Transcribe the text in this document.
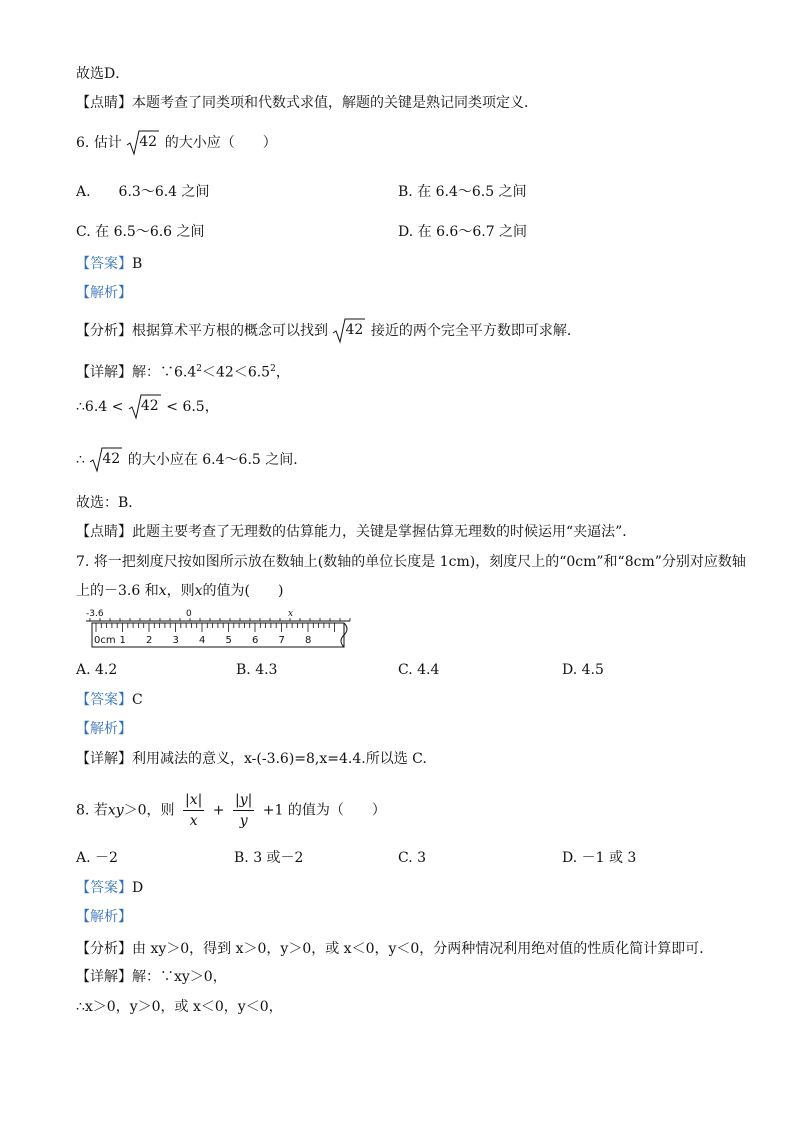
故选D．
【点睛】本题考查了同类项和代数式求值，解题的关键是熟记同类项定义．
6. 估计 42 的大小应（　　）
A.　　6.3～6.4 之间	B. 在 6.4～6.5 之间
C. 在 6.5～6.6 之间	D. 在 6.6～6.7 之间
【答案】B
【解析】
【分析】根据算术平方根的概念可以找到 42 接近的两个完全平方数即可求解．
【详解】解：$\because 6.4^2<42<6.5^2$，
∴6.4 < 42 < 6.5，
∴ 42 的大小应在 6.4～6.5 之间.
故选：B．
【点睛】此题主要考查了无理数的估算能力，关键是掌握估算无理数的时候运用“夹逼法”．
7. 将一把刻度尺按如图所示放在数轴上(数轴的单位长度是 1cm)，刻度尺上的“0cm”和“8cm”分别对应数轴
上的－3.6 和x，则x的值为(　　)
-3.6	0	x
0cm 1 2 3 4 5 6 7 8
A. 4.2	B. 4.3	C. 4.4	D. 4.5
【答案】C
【解析】
【详解】利用减法的意义，x-(-3.6)=8,x=4.4.所以选 C.
8. 若xy＞0，则 $\frac{|x|}{x} + \frac{|y|}{y} +1$ 的值为（　　）
A. －2	B. 3 或－2	C. 3	D. －1 或 3
【答案】D
【解析】
【分析】由 xy＞0，得到 x＞0，y＞0，或 x＜0，y＜0，分两种情况利用绝对值的性质化简计算即可．
【详解】解：∵xy＞0，
∴x＞0，y＞0，或 x＜0，y＜0，
